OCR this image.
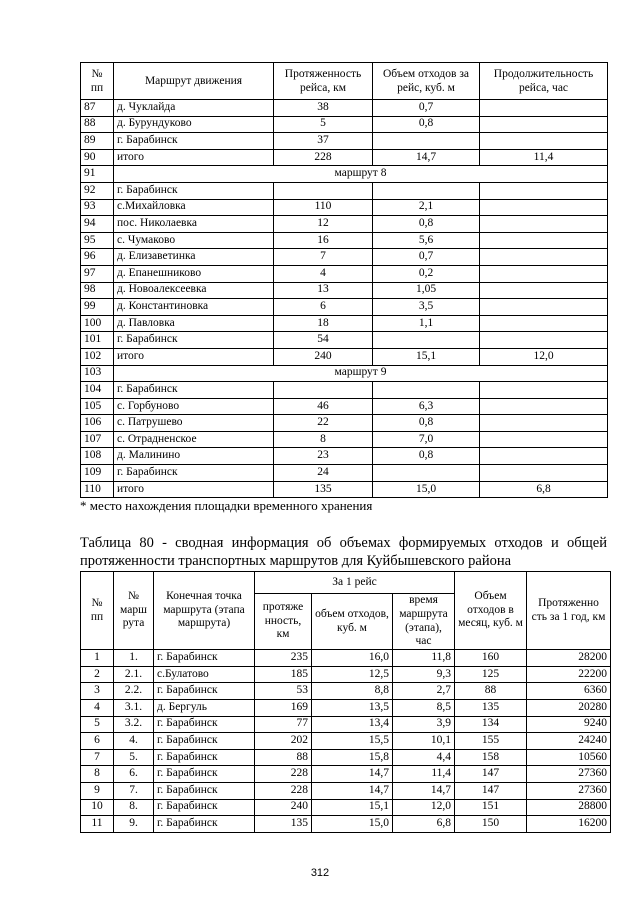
№ пп	Маршрут движения	Протяженность рейса, км	Объем отходов за рейс, куб. м	Продолжительность рейса, час
87	д. Чуклайда	38	0,7	
88	д. Бурундуково	5	0,8	
89	г. Барабинск	37		
90	итого	228	14,7	11,4
91	маршрут 8			
92	г. Барабинск			
93	с.Михайловка	110	2,1	
94	пос. Николаевка	12	0,8	
95	с. Чумаково	16	5,6	
96	д. Елизаветинка	7	0,7	
97	д. Епанешниково	4	0,2	
98	д. Новоалексеевка	13	1,05	
99	д. Константиновка	6	3,5	
100	д. Павловка	18	1,1	
101	г. Барабинск	54		
102	итого	240	15,1	12,0
103	маршрут 9			
104	г. Барабинск			
105	с. Горбуново	46	6,3	
106	с. Патрушево	22	0,8	
107	с. Отрадненское	8	7,0	
108	д. Малинино	23	0,8	
109	г. Барабинск	24		
110	итого	135	15,0	6,8
* место нахождения площадки временного хранения
Таблица 80 - сводная информация об объемах формируемых отходов и общей протяженности транспортных маршрутов для Куйбышевского района
№ пп	№ марш рута	Конечная точка маршрута (этапа маршрута)	За 1 рейс			Объем отходов в месяц, куб. м	Протяженно сть за 1 год, км
			протяже нность, км	объем отходов, куб. м	время маршрута (этапа), час		
1	1.	г. Барабинск	235	16,0	11,8	160	28200
2	2.1.	с.Булатово	185	12,5	9,3	125	22200
3	2.2.	г. Барабинск	53	8,8	2,7	88	6360
4	3.1.	д. Бергуль	169	13,5	8,5	135	20280
5	3.2.	г. Барабинск	77	13,4	3,9	134	9240
6	4.	г. Барабинск	202	15,5	10,1	155	24240
7	5.	г. Барабинск	88	15,8	4,4	158	10560
8	6.	г. Барабинск	228	14,7	11,4	147	27360
9	7.	г. Барабинск	228	14,7	14,7	147	27360
10	8.	г. Барабинск	240	15,1	12,0	151	28800
11	9.	г. Барабинск	135	15,0	6,8	150	16200
312
